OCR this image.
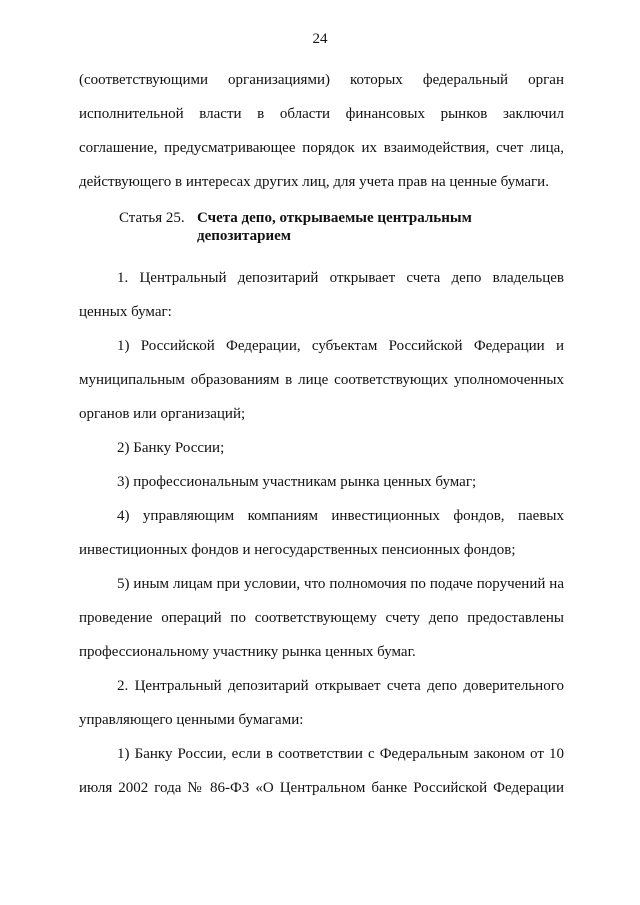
24
(соответствующими организациями) которых федеральный орган
исполнительной власти в области финансовых рынков заключил
соглашение, предусматривающее порядок их взаимодействия, счет лица,
действующего в интересах других лиц, для учета прав на ценные бумаги.
Статья 25. Счета депо, открываемые центральным депозитарием
1. Центральный депозитарий открывает счета депо владельцев
ценных бумаг:
1) Российской Федерации, субъектам Российской Федерации и
муниципальным образованиям в лице соответствующих уполномоченных
органов или организаций;
2) Банку России;
3) профессиональным участникам рынка ценных бумаг;
4) управляющим компаниям инвестиционных фондов, паевых
инвестиционных фондов и негосударственных пенсионных фондов;
5) иным лицам при условии, что полномочия по подаче поручений на
проведение операций по соответствующему счету депо предоставлены
профессиональному участнику рынка ценных бумаг.
2. Центральный депозитарий открывает счета депо доверительного
управляющего ценными бумагами:
1) Банку России, если в соответствии с Федеральным законом от 10
июля 2002 года № 86-ФЗ «О Центральном банке Российской Федерации
